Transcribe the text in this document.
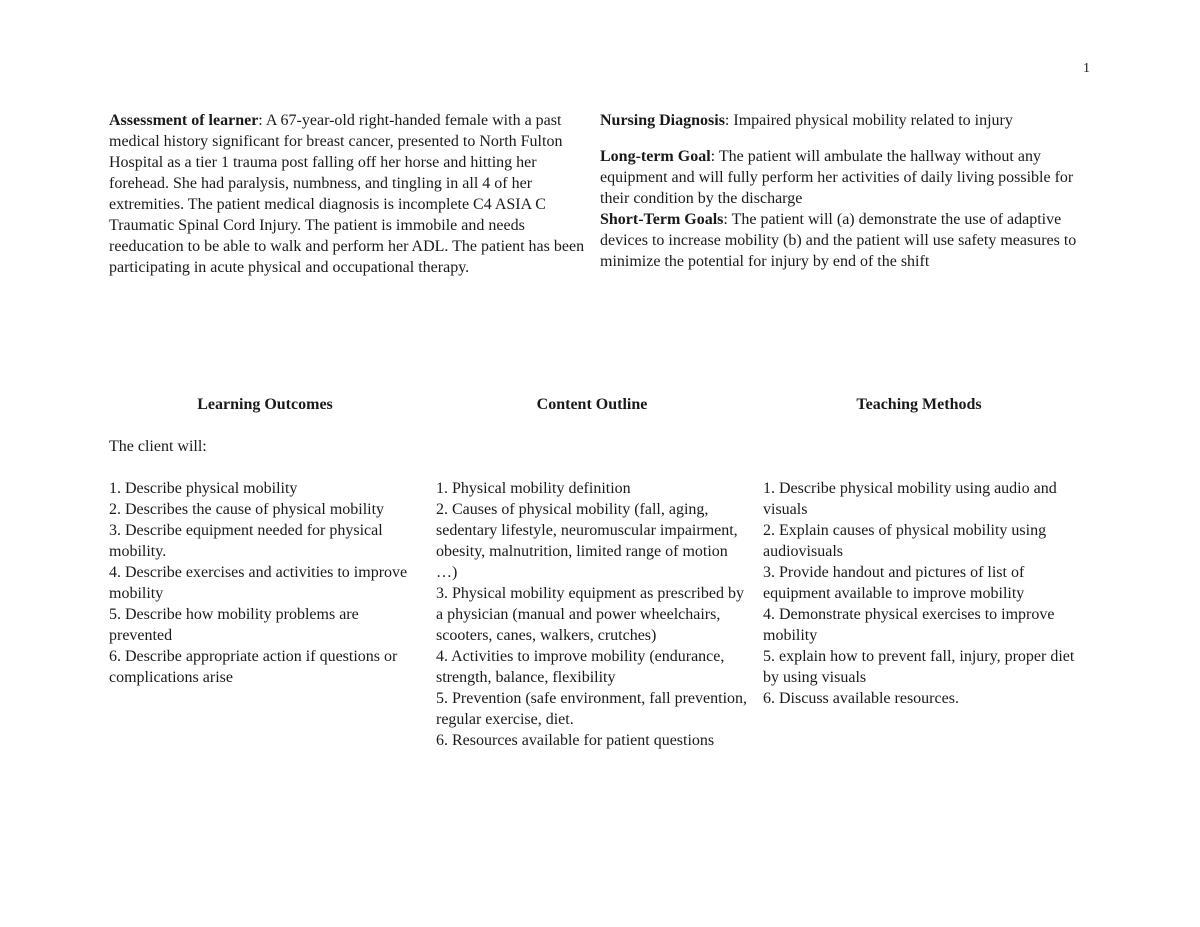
1

Assessment of learner: A 67-year-old right-handed female with a past medical history significant for breast cancer, presented to North Fulton Hospital as a tier 1 trauma post falling off her horse and hitting her forehead. She had paralysis, numbness, and tingling in all 4 of her extremities. The patient medical diagnosis is incomplete C4 ASIA C Traumatic Spinal Cord Injury. The patient is immobile and needs reeducation to be able to walk and perform her ADL. The patient has been participating in acute physical and occupational therapy.

Nursing Diagnosis: Impaired physical mobility related to injury

Long-term Goal: The patient will ambulate the hallway without any equipment and will fully perform her activities of daily living possible for their condition by the discharge

Short-Term Goals: The patient will (a) demonstrate the use of adaptive devices to increase mobility (b) and the patient will use safety measures to minimize the potential for injury by end of the shift

Learning Outcomes	Content Outline	Teaching Methods
The client will:
1. Describe physical mobility
2. Describes the cause of physical mobility
3. Describe equipment needed for physical mobility.
4. Describe exercises and activities to improve mobility
5. Describe how mobility problems are prevented
6. Describe appropriate action if questions or complications arise
1. Physical mobility definition
2. Causes of physical mobility (fall, aging, sedentary lifestyle, neuromuscular impairment, obesity, malnutrition, limited range of motion …)
3. Physical mobility equipment as prescribed by a physician (manual and power wheelchairs, scooters, canes, walkers, crutches)
4. Activities to improve mobility (endurance, strength, balance, flexibility
5. Prevention (safe environment, fall prevention, regular exercise, diet.
6. Resources available for patient questions
1. Describe physical mobility using audio and visuals
2. Explain causes of physical mobility using audiovisuals
3. Provide handout and pictures of list of equipment available to improve mobility
4. Demonstrate physical exercises to improve mobility
5. explain how to prevent fall, injury, proper diet by using visuals
6. Discuss available resources.
